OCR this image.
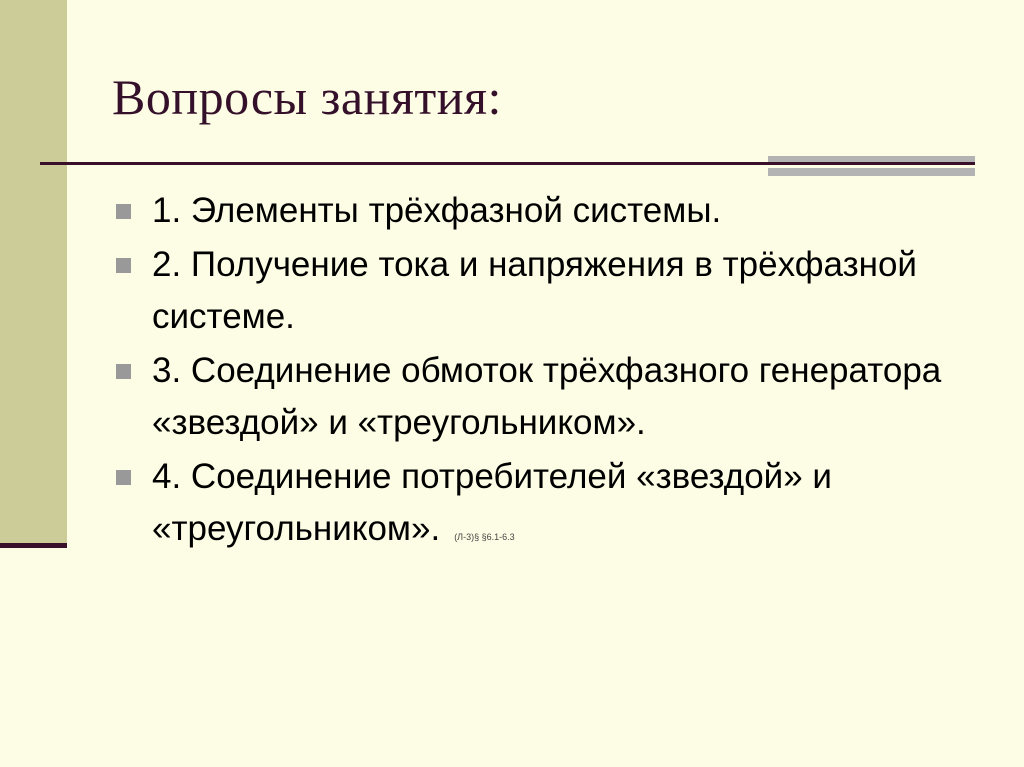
Вопросы занятия:
1. Элементы трёхфазной системы.
2. Получение тока и напряжения в трёхфазной системе.
3. Соединение обмоток трёхфазного генератора «звездой» и «треугольником».
4. Соединение потребителей «звездой» и «треугольником». (Л-3)§ §6.1-6.3
